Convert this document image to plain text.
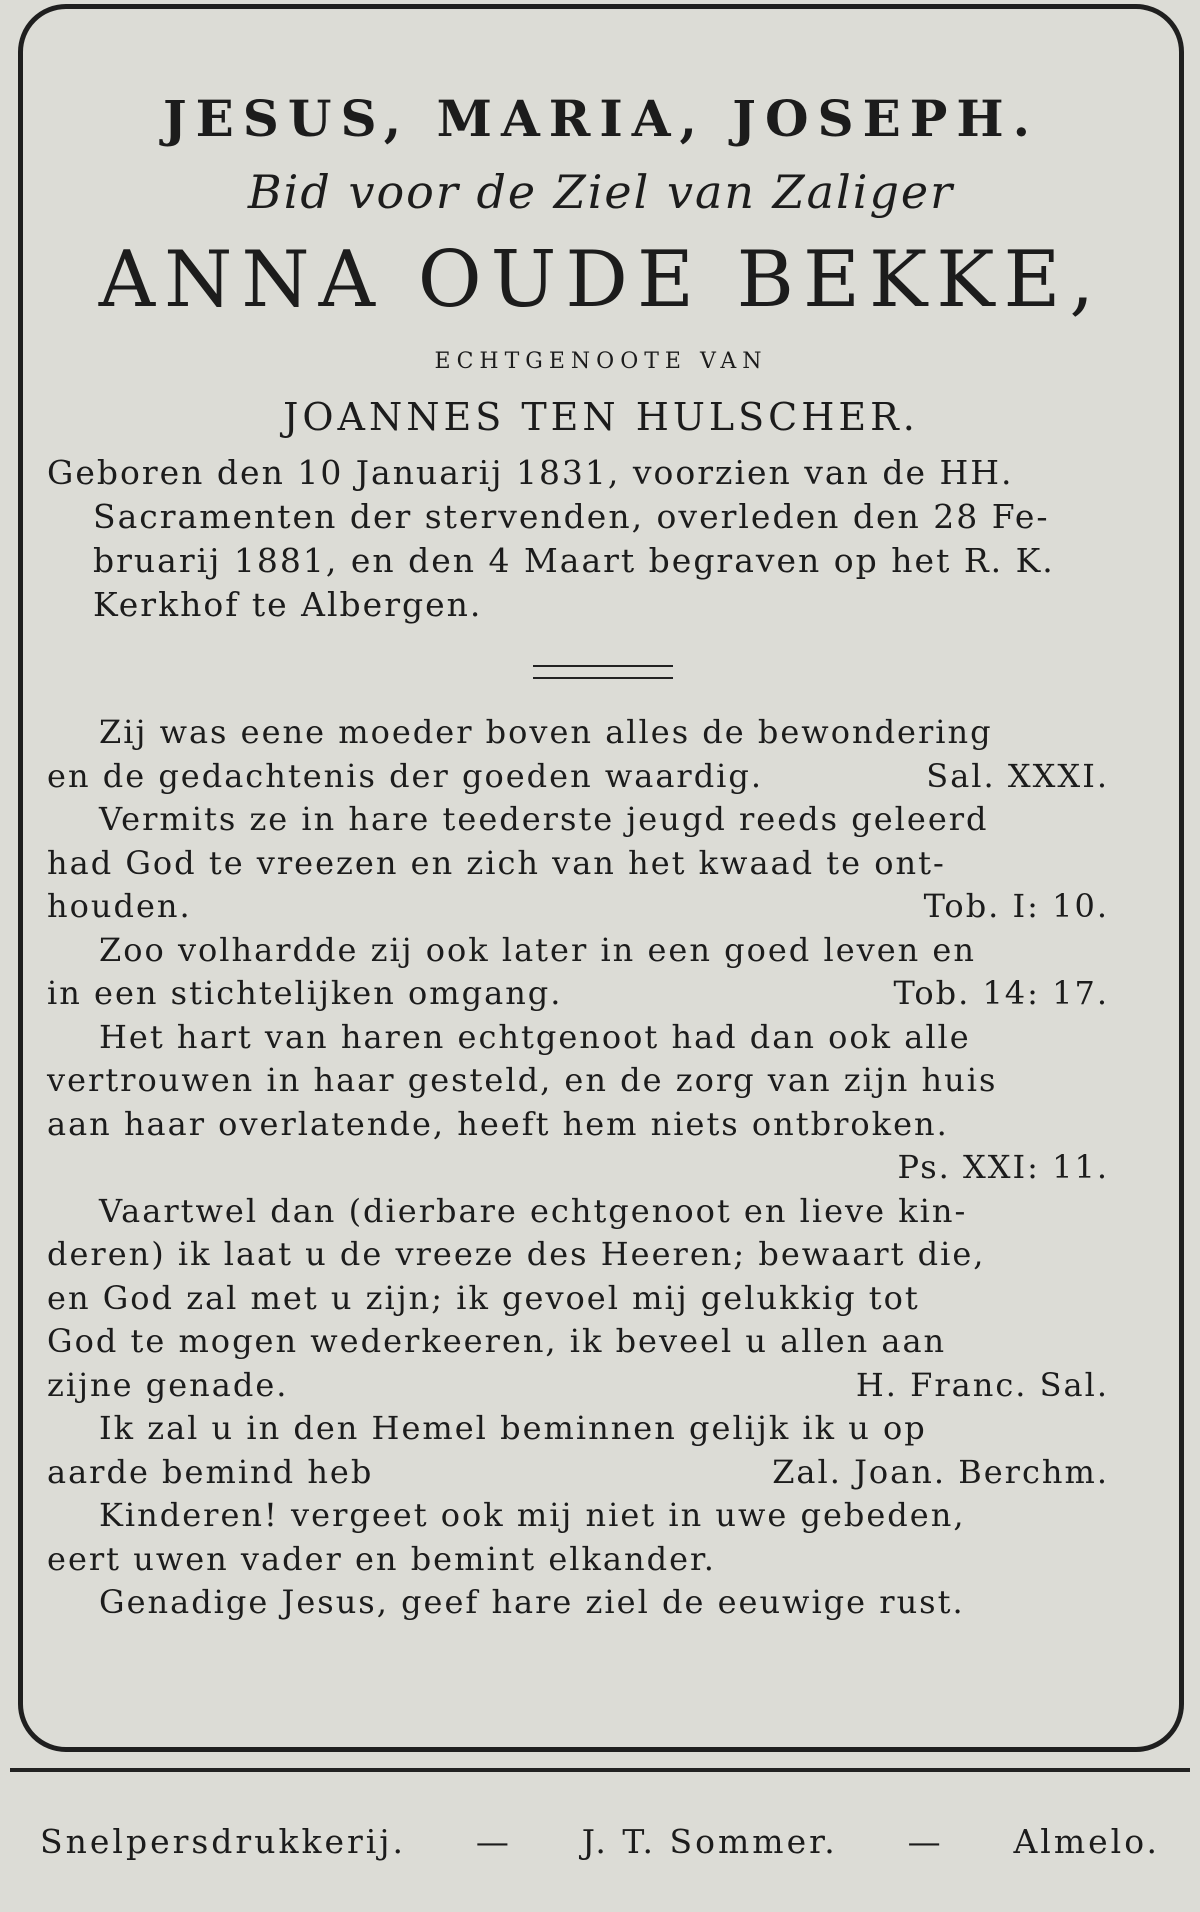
JESUS, MARIA, JOSEPH.
Bid voor de Ziel van Zaliger
ANNA OUDE BEKKE,
ECHTGENOOTE VAN
JOANNES TEN HULSCHER.
Geboren den 10 Januarij 1831, voorzien van de HH.
Sacramenten der stervenden, overleden den 28 Fe-
bruarij 1881, en den 4 Maart begraven op het R. K.
Kerkhof te Albergen.
Zij was eene moeder boven alles de bewondering
en de gedachtenis der goeden waardig.	Sal. XXXI.
Vermits ze in hare teederste jeugd reeds geleerd
had God te vreezen en zich van het kwaad te ont-
houden.	Tob. I: 10.
Zoo volhardde zij ook later in een goed leven en
in een stichtelijken omgang.	Tob. 14: 17.
Het hart van haren echtgenoot had dan ook alle
vertrouwen in haar gesteld, en de zorg van zijn huis
aan haar overlatende, heeft hem niets ontbroken.
Ps. XXI: 11.
Vaartwel dan (dierbare echtgenoot en lieve kin-
deren) ik laat u de vreeze des Heeren; bewaart die,
en God zal met u zijn; ik gevoel mij gelukkig tot
God te mogen wederkeeren, ik beveel u allen aan
zijne genade.	H. Franc. Sal.
Ik zal u in den Hemel beminnen gelijk ik u op
aarde bemind heb	Zal. Joan. Berchm.
Kinderen! vergeet ook mij niet in uwe gebeden,
eert uwen vader en bemint elkander.
Genadige Jesus, geef hare ziel de eeuwige rust.
Snelpersdrukkerij. — J. T. Sommer. — Almelo.
